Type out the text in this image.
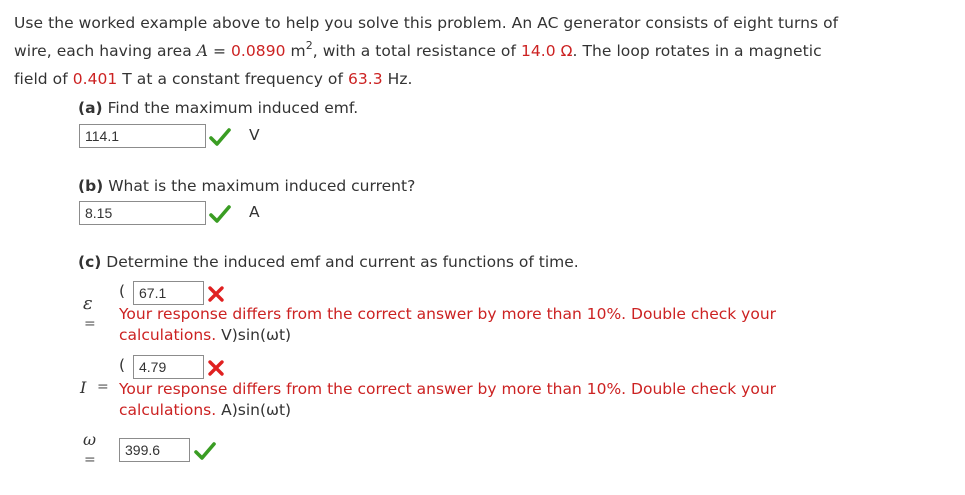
Use the worked example above to help you solve this problem. An AC generator consists of eight turns of
wire, each having area A = 0.0890 $m^2$, with a total resistance of 14.0 Ω. The loop rotates in a magnetic
field of 0.401 T at a constant frequency of 63.3 Hz.
(a) Find the maximum induced emf.
114.1	V
(b) What is the maximum induced current?
8.15	A
(c) Determine the induced emf and current as functions of time.
ε
=
( 67.1
Your response differs from the correct answer by more than 10%. Double check your calculations. V)sin(ωt)
( 4.79
I = Your response differs from the correct answer by more than 10%. Double check your calculations. A)sin(ωt)
ω
=
399.6
